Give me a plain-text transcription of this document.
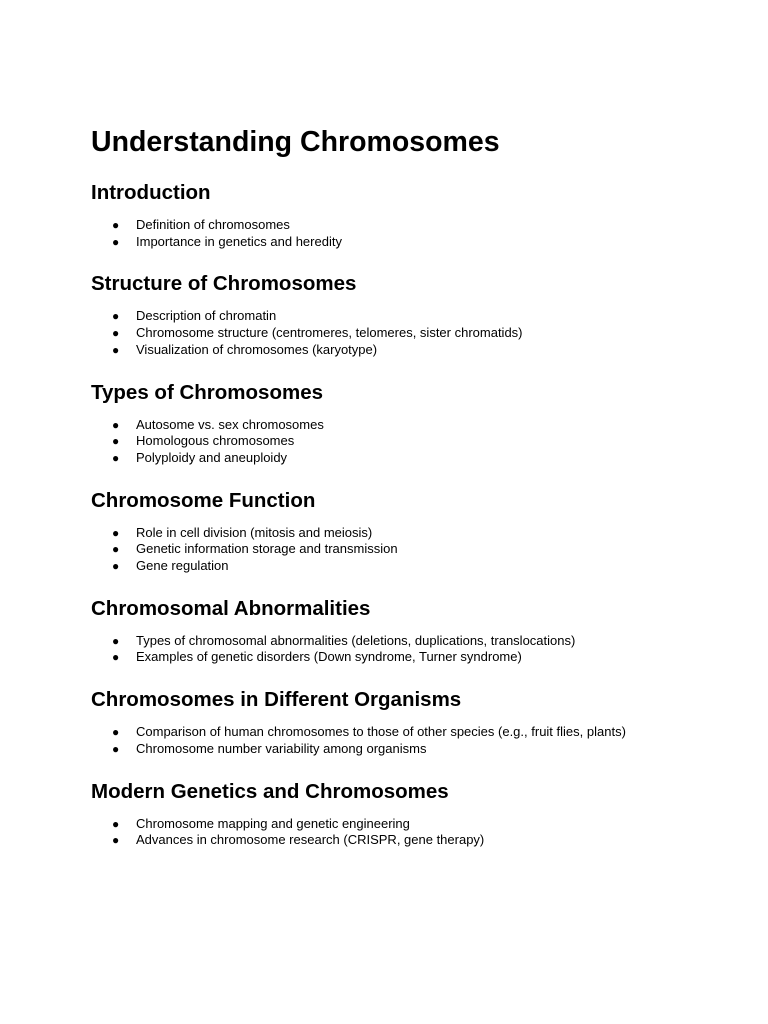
Understanding Chromosomes
Introduction
● Definition of chromosomes
● Importance in genetics and heredity
Structure of Chromosomes
● Description of chromatin
● Chromosome structure (centromeres, telomeres, sister chromatids)
● Visualization of chromosomes (karyotype)
Types of Chromosomes
● Autosome vs. sex chromosomes
● Homologous chromosomes
● Polyploidy and aneuploidy
Chromosome Function
● Role in cell division (mitosis and meiosis)
● Genetic information storage and transmission
● Gene regulation
Chromosomal Abnormalities
● Types of chromosomal abnormalities (deletions, duplications, translocations)
● Examples of genetic disorders (Down syndrome, Turner syndrome)
Chromosomes in Different Organisms
● Comparison of human chromosomes to those of other species (e.g., fruit flies, plants)
● Chromosome number variability among organisms
Modern Genetics and Chromosomes
● Chromosome mapping and genetic engineering
● Advances in chromosome research (CRISPR, gene therapy)
